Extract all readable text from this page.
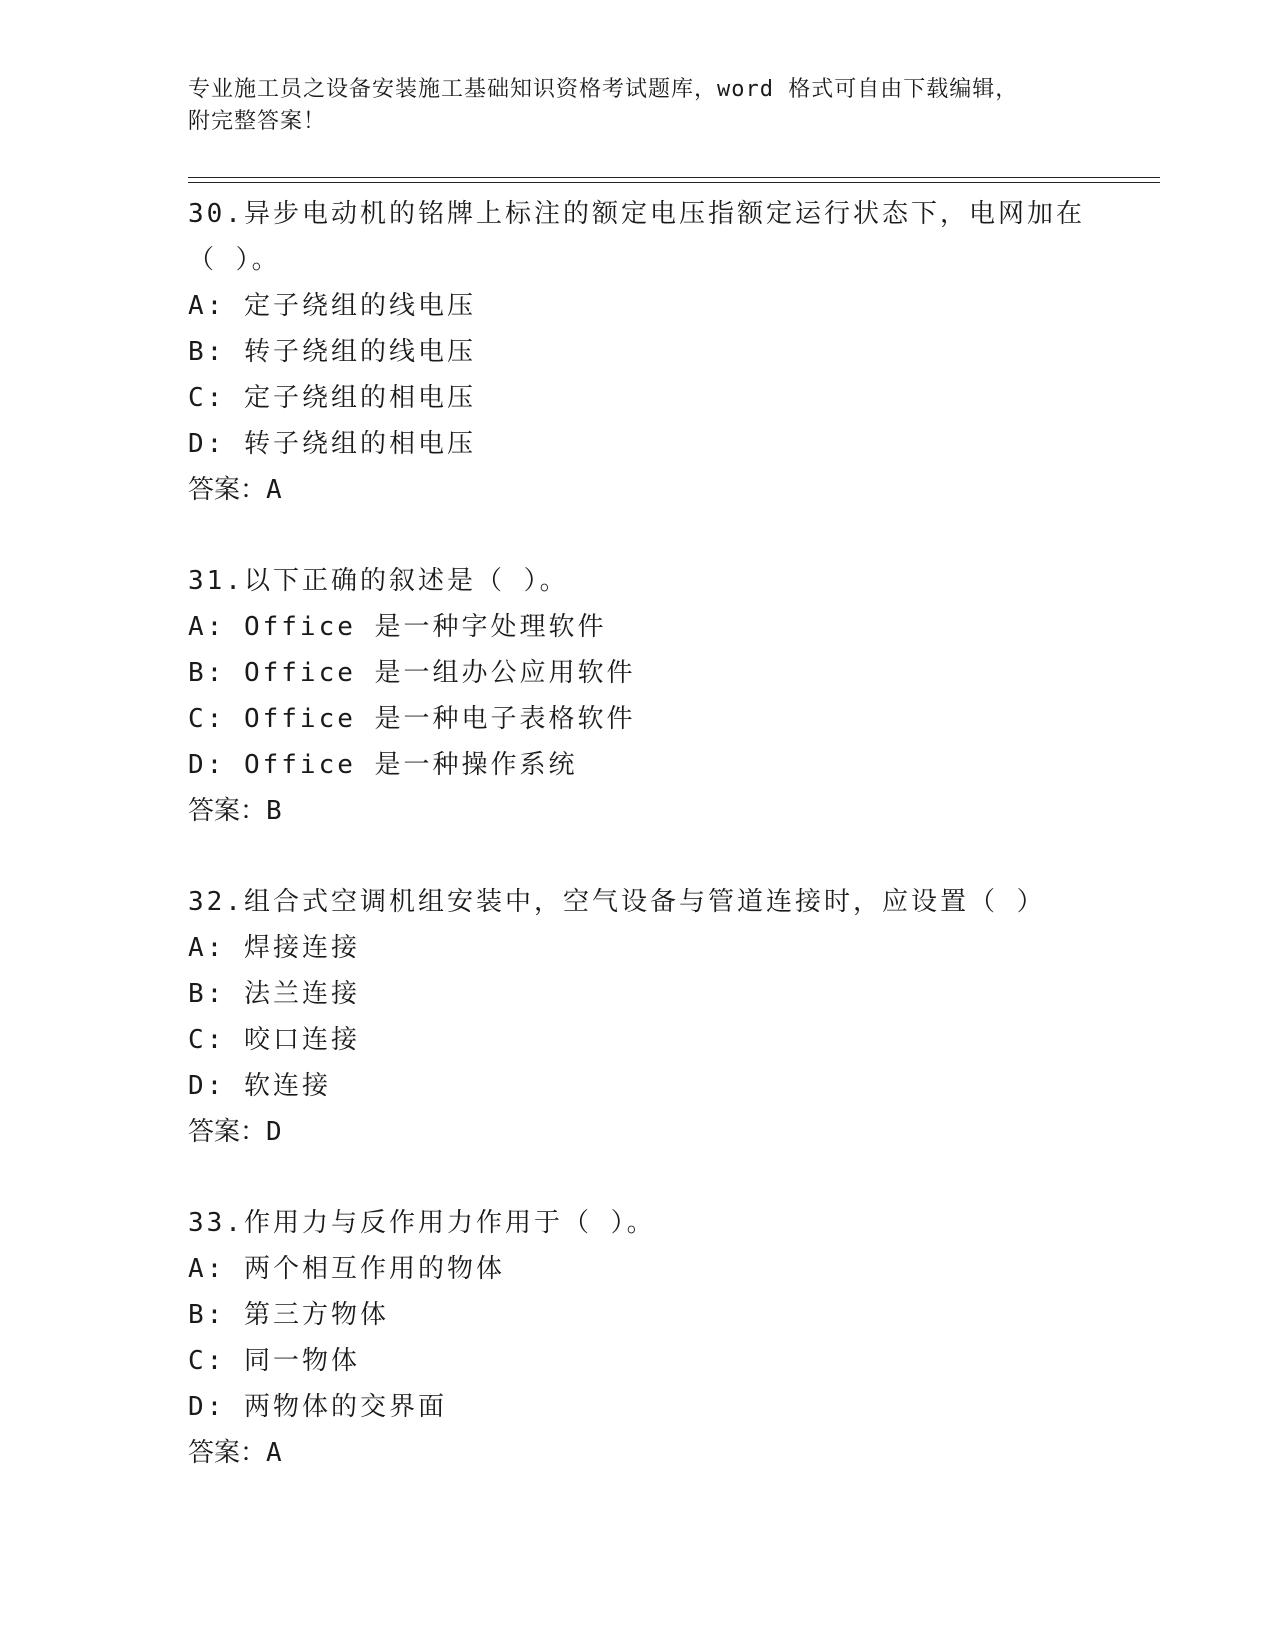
专业施工员之设备安装施工基础知识资格考试题库，word 格式可自由下载编辑，
附完整答案！
30.异步电动机的铭牌上标注的额定电压指额定运行状态下，电网加在（ ）。
A: 定子绕组的线电压
B: 转子绕组的线电压
C: 定子绕组的相电压
D: 转子绕组的相电压
答案：A
31.以下正确的叙述是（ ）。
A: Office 是一种字处理软件
B: Office 是一组办公应用软件
C: Office 是一种电子表格软件
D: Office 是一种操作系统
答案：B
32.组合式空调机组安装中，空气设备与管道连接时，应设置（ ）
A: 焊接连接
B: 法兰连接
C: 咬口连接
D: 软连接
答案：D
33.作用力与反作用力作用于（ ）。
A: 两个相互作用的物体
B: 第三方物体
C: 同一物体
D: 两物体的交界面
答案：A
